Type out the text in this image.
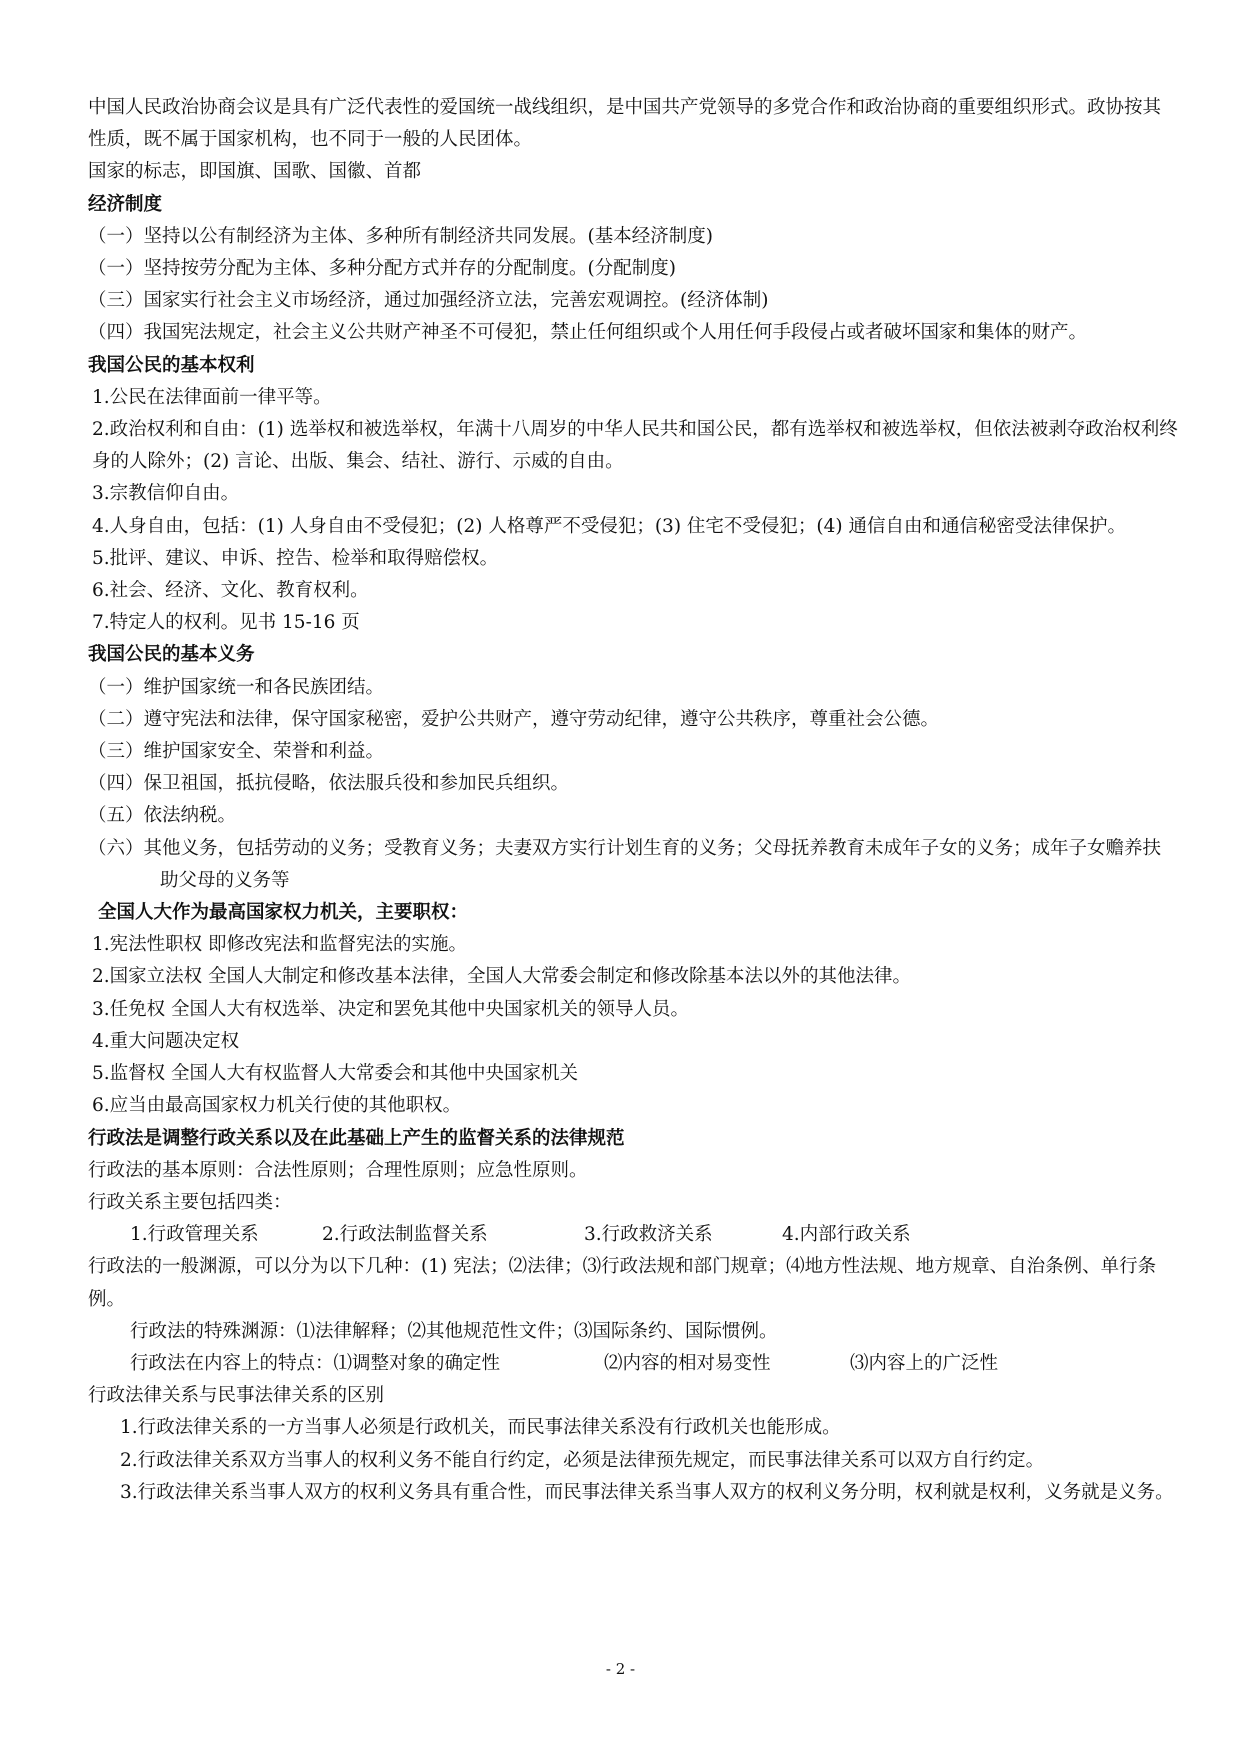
中国人民政治协商会议是具有广泛代表性的爱国统一战线组织，是中国共产党领导的多党合作和政治协商的重要组织形式。政协按其性质，既不属于国家机构，也不同于一般的人民团体。

国家的标志，即国旗、国歌、国徽、首都

经济制度

（一）坚持以公有制经济为主体、多种所有制经济共同发展。(基本经济制度)

（一）坚持按劳分配为主体、多种分配方式并存的分配制度。(分配制度)

（三）国家实行社会主义市场经济，通过加强经济立法，完善宏观调控。(经济体制)

（四）我国宪法规定，社会主义公共财产神圣不可侵犯，禁止任何组织或个人用任何手段侵占或者破坏国家和集体的财产。

我国公民的基本权利

1.公民在法律面前一律平等。

2.政治权利和自由：(1) 选举权和被选举权，年满十八周岁的中华人民共和国公民，都有选举权和被选举权，但依法被剥夺政治权利终身的人除外；(2) 言论、出版、集会、结社、游行、示威的自由。

3.宗教信仰自由。

4.人身自由，包括：(1) 人身自由不受侵犯；(2) 人格尊严不受侵犯；(3) 住宅不受侵犯；(4) 通信自由和通信秘密受法律保护。

5.批评、建议、申诉、控告、检举和取得赔偿权。

6.社会、经济、文化、教育权利。

7.特定人的权利。见书 15-16 页

我国公民的基本义务

（一）维护国家统一和各民族团结。

（二）遵守宪法和法律，保守国家秘密，爱护公共财产，遵守劳动纪律，遵守公共秩序，尊重社会公德。

（三）维护国家安全、荣誉和利益。

（四）保卫祖国，抵抗侵略，依法服兵役和参加民兵组织。

（五）依法纳税。

（六）其他义务，包括劳动的义务；受教育义务；夫妻双方实行计划生育的义务；父母抚养教育未成年子女的义务；成年子女赡养扶助父母的义务等

全国人大作为最高国家权力机关，主要职权：

1.宪法性职权 即修改宪法和监督宪法的实施。

2.国家立法权 全国人大制定和修改基本法律，全国人大常委会制定和修改除基本法以外的其他法律。

3.任免权 全国人大有权选举、决定和罢免其他中央国家机关的领导人员。

4.重大问题决定权

5.监督权 全国人大有权监督人大常委会和其他中央国家机关

6.应当由最高国家权力机关行使的其他职权。

行政法是调整行政关系以及在此基础上产生的监督关系的法律规范

行政法的基本原则：合法性原则；合理性原则；应急性原则。

行政关系主要包括四类：

1.行政管理关系	2.行政法制监督关系	3.行政救济关系	4.内部行政关系

行政法的一般渊源，可以分为以下几种：(1) 宪法；⑵法律；⑶行政法规和部门规章；⑷地方性法规、地方规章、自治条例、单行条例。

行政法的特殊渊源：⑴法律解释；⑵其他规范性文件；⑶国际条约、国际惯例。

行政法在内容上的特点：⑴调整对象的确定性	⑵内容的相对易变性	⑶内容上的广泛性

行政法律关系与民事法律关系的区别

1.行政法律关系的一方当事人必须是行政机关，而民事法律关系没有行政机关也能形成。

2.行政法律关系双方当事人的权利义务不能自行约定，必须是法律预先规定，而民事法律关系可以双方自行约定。

3.行政法律关系当事人双方的权利义务具有重合性，而民事法律关系当事人双方的权利义务分明，权利就是权利，义务就是义务。

- 2 -
